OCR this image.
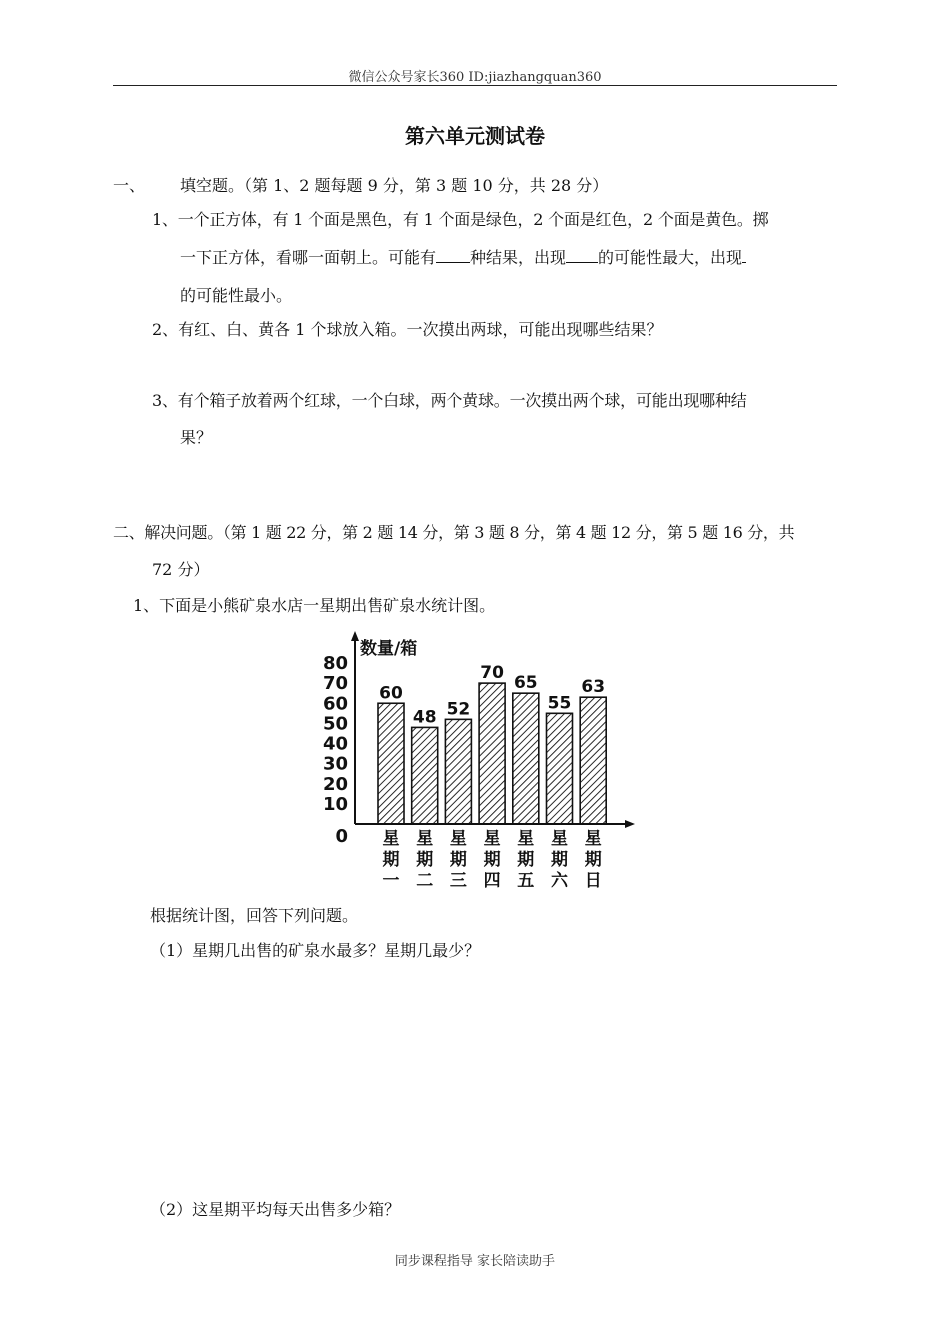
微信公众号家长360 ID:jiazhangquan360
第六单元测试卷
一、 填空题。（第 1、2 题每题 9 分，第 3 题 10 分，共 28 分）
1、一个正方体，有 1 个面是黑色，有 1 个面是绿色，2 个面是红色，2 个面是黄色。掷
一下正方体，看哪一面朝上。可能有 种结果，出现 的可能性最大，出现
的可能性最小。
2、有红、白、黄各 1 个球放入箱。一次摸出两球，可能出现哪些结果？
3、有个箱子放着两个红球，一个白球，两个黄球。一次摸出两个球，可能出现哪种结
果？
二、解决问题。（第 1 题 22 分，第 2 题 14 分，第 3 题 8 分，第 4 题 12 分，第 5 题 16 分，共
72 分）
1、下面是小熊矿泉水店一星期出售矿泉水统计图。
数量/箱
0
10
20
30
40
50
60
70
80
60
星
期
一
48
星
期
二
52
星
期
三
70
星
期
四
65
星
期
五
55
星
期
六
63
星
期
日
根据统计图，回答下列问题。
（1）星期几出售的矿泉水最多？星期几最少？
（2）这星期平均每天出售多少箱？
同步课程指导 家长陪读助手
